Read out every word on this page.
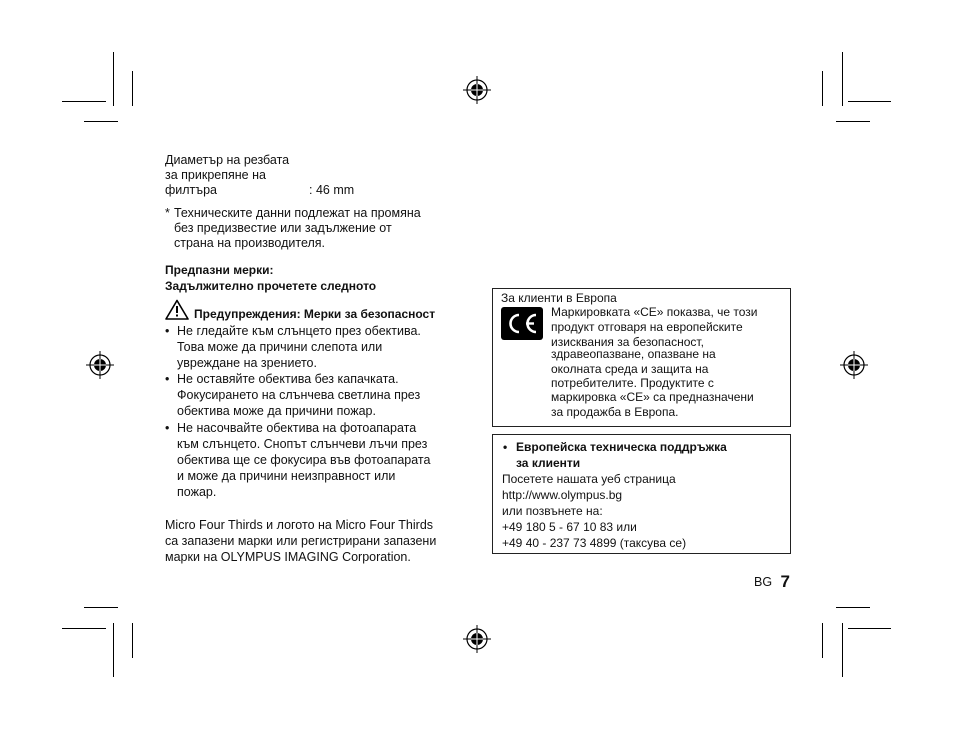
Диаметър на резбата
за прикрепяне на
филтъра	: 46 mm
* Техническите данни подлежат на промяна
без предизвестие или задължение от
страна на производителя.
Предпазни мерки:
Задължително прочетете следното
Предупреждения: Мерки за безопасност
• Не гледайте към слънцето през обектива.
Това може да причини слепота или
увреждане на зрението.
• Не оставяйте обектива без капачката.
Фокусирането на слънчева светлина през
обектива може да причини пожар.
• Не насочвайте обектива на фотоапарата
към слънцето. Снопът слънчеви лъчи през
обектива ще се фокусира във фотоапарата
и може да причини неизправност или
пожар.
Micro Four Thirds и логото на Micro Four Thirds
са запазени марки или регистрирани запазени
марки на OLYMPUS IMAGING Corporation.
За клиенти в Европа
Маркировката «CE» показва, че този
продукт отговаря на европейските
изисквания за безопасност,
здравеопазване, опазване на
околната среда и защита на
потребителите. Продуктите с
маркировка «CE» са предназначени
за продажба в Европа.
• Европейска техническа поддръжка
за клиенти
Посетете нашата уеб страница
http://www.olympus.bg
или позвънете на:
+49 180 5 - 67 10 83 или
+49 40 - 237 73 4899 (таксува се)
BG 7
